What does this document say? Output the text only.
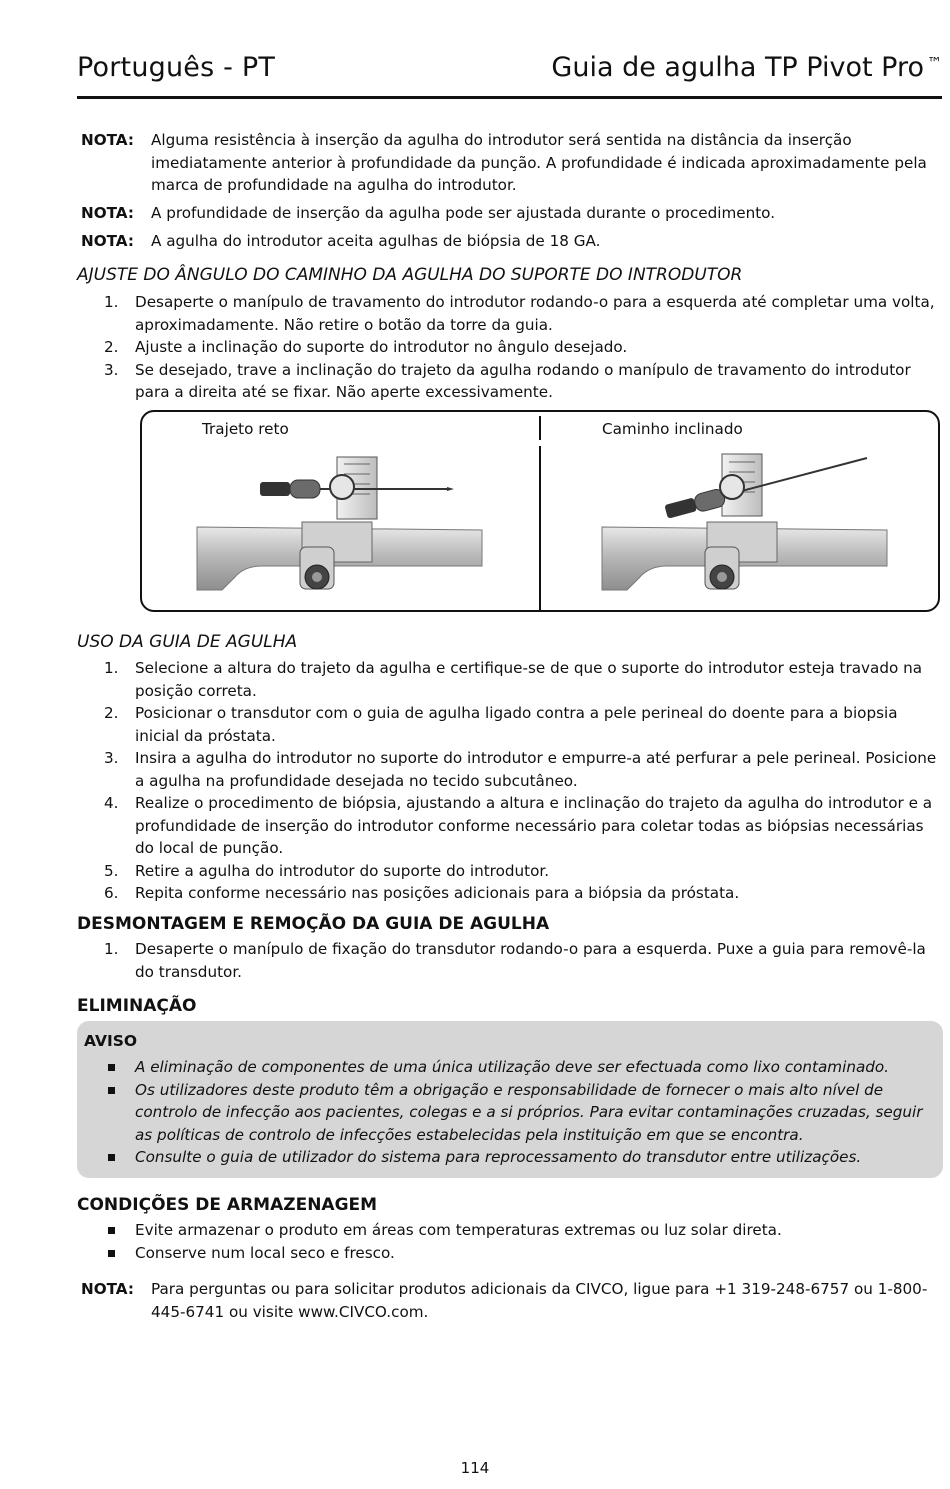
Português - PT	Guia de agulha TP Pivot Pro ™
NOTA: Alguma resistência à inserção da agulha do introdutor será sentida na distância da inserção imediatamente anterior à profundidade da punção. A profundidade é indicada aproximadamente pela marca de profundidade na agulha do introdutor.
NOTA: A profundidade de inserção da agulha pode ser ajustada durante o procedimento.
NOTA: A agulha do introdutor aceita agulhas de biópsia de 18 GA.
AJUSTE DO ÂNGULO DO CAMINHO DA AGULHA DO SUPORTE DO INTRODUTOR
1. Desaperte o manípulo de travamento do introdutor rodando-o para a esquerda até completar uma volta, aproximadamente. Não retire o botão da torre da guia.
2. Ajuste a inclinação do suporte do introdutor no ângulo desejado.
3. Se desejado, trave a inclinação do trajeto da agulha rodando o manípulo de travamento do introdutor para a direita até se fixar. Não aperte excessivamente.
Trajeto reto	Caminho inclinado
USO DA GUIA DE AGULHA
1. Selecione a altura do trajeto da agulha e certifique-se de que o suporte do introdutor esteja travado na posição correta.
2. Posicionar o transdutor com o guia de agulha ligado contra a pele perineal do doente para a biopsia inicial da próstata.
3. Insira a agulha do introdutor no suporte do introdutor e empurre-a até perfurar a pele perineal. Posicione a agulha na profundidade desejada no tecido subcutâneo.
4. Realize o procedimento de biópsia, ajustando a altura e inclinação do trajeto da agulha do introdutor e a profundidade de inserção do introdutor conforme necessário para coletar todas as biópsias necessárias do local de punção.
5. Retire a agulha do introdutor do suporte do introdutor.
6. Repita conforme necessário nas posições adicionais para a biópsia da próstata.
DESMONTAGEM E REMOÇÃO DA GUIA DE AGULHA
1. Desaperte o manípulo de fixação do transdutor rodando-o para a esquerda. Puxe a guia para removê-la do transdutor.
ELIMINAÇÃO
AVISO
A eliminação de componentes de uma única utilização deve ser efectuada como lixo contaminado.
Os utilizadores deste produto têm a obrigação e responsabilidade de fornecer o mais alto nível de controlo de infecção aos pacientes, colegas e a si próprios. Para evitar contaminações cruzadas, seguir as políticas de controlo de infecções estabelecidas pela instituição em que se encontra.
Consulte o guia de utilizador do sistema para reprocessamento do transdutor entre utilizações.
CONDIÇÕES DE ARMAZENAGEM
Evite armazenar o produto em áreas com temperaturas extremas ou luz solar direta.
Conserve num local seco e fresco.
NOTA: Para perguntas ou para solicitar produtos adicionais da CIVCO, ligue para +1 319-248-6757 ou 1-800-445-6741 ou visite www.CIVCO.com.
114
